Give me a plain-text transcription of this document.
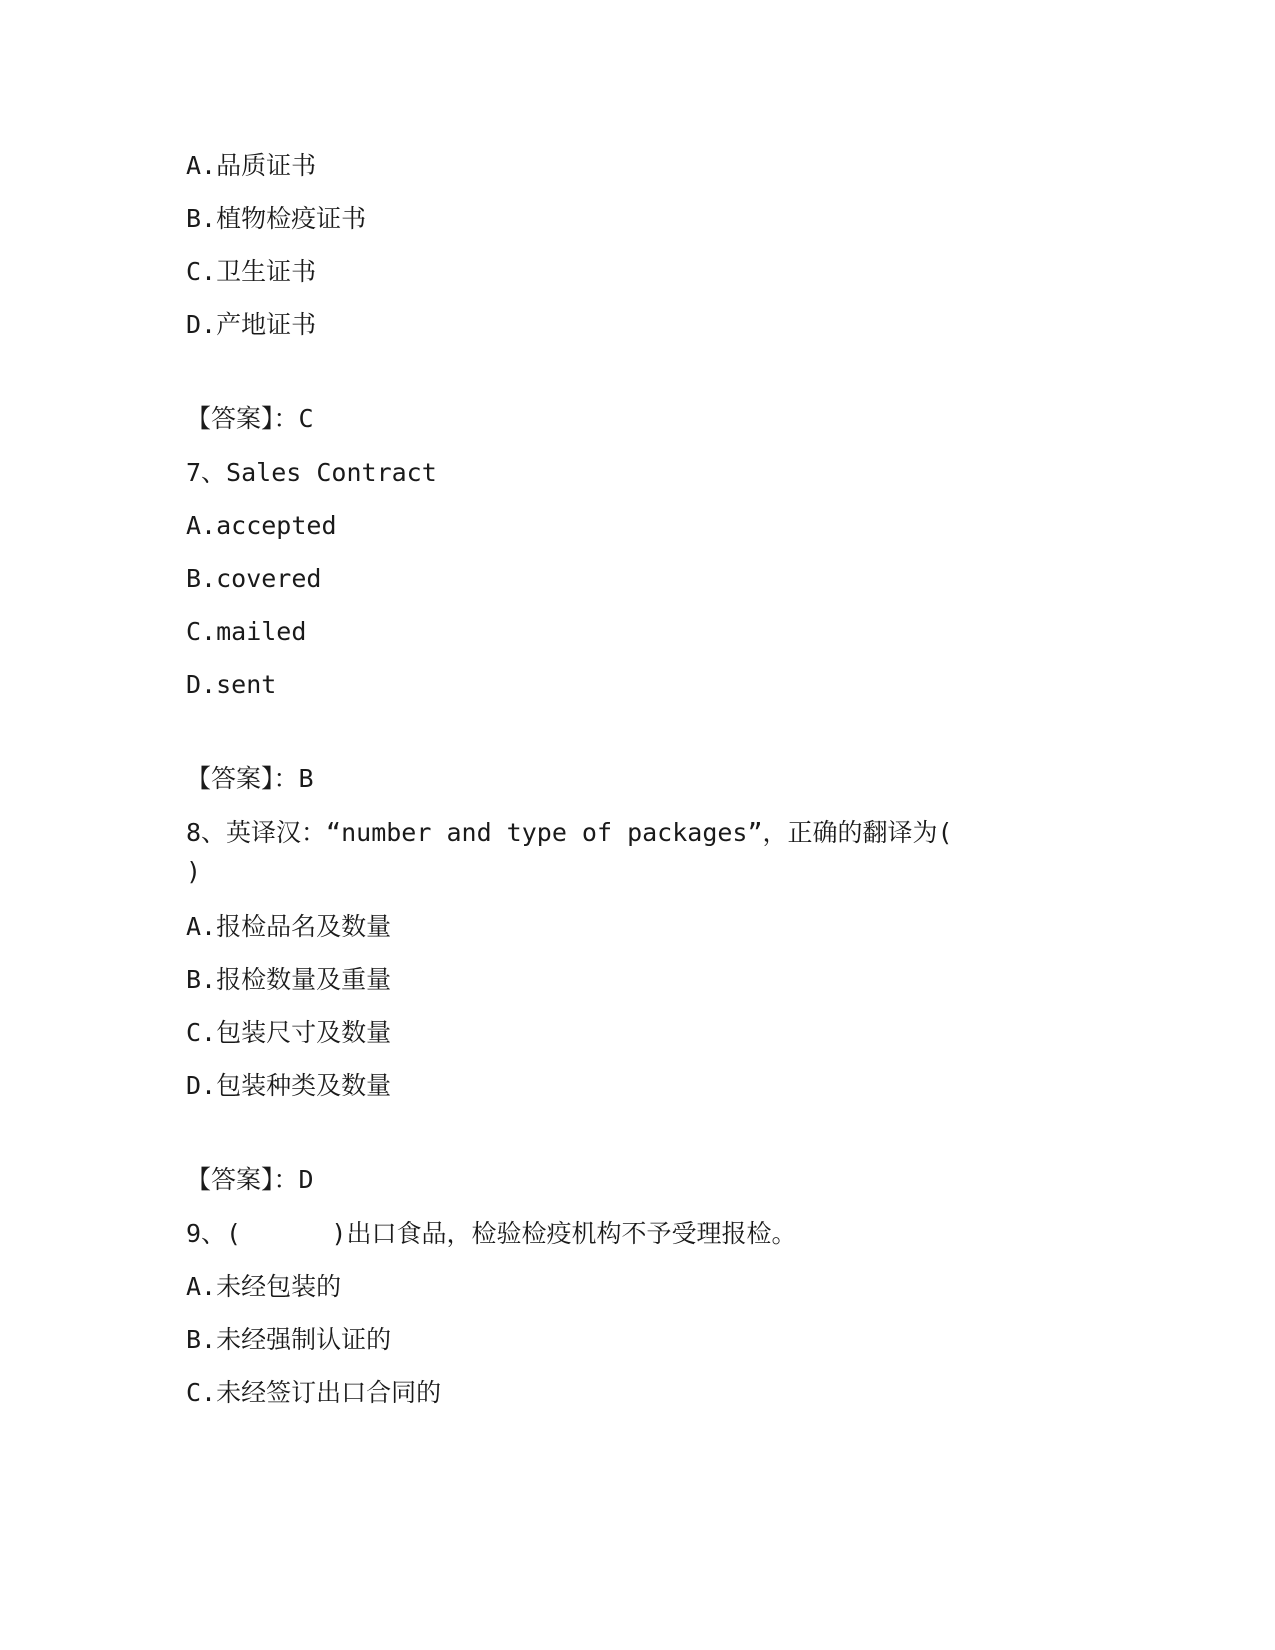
A.品质证书
B.植物检疫证书
C.卫生证书
D.产地证书
【答案】：C
7、Sales Contract
A.accepted
B.covered
C.mailed
D.sent
【答案】：B
8、英译汉：“number and type of packages”，正确的翻译为(
)
A.报检品名及数量
B.报检数量及重量
C.包装尺寸及数量
D.包装种类及数量
【答案】：D
9、(      )出口食品，检验检疫机构不予受理报检。
A.未经包装的
B.未经强制认证的
C.未经签订出口合同的
